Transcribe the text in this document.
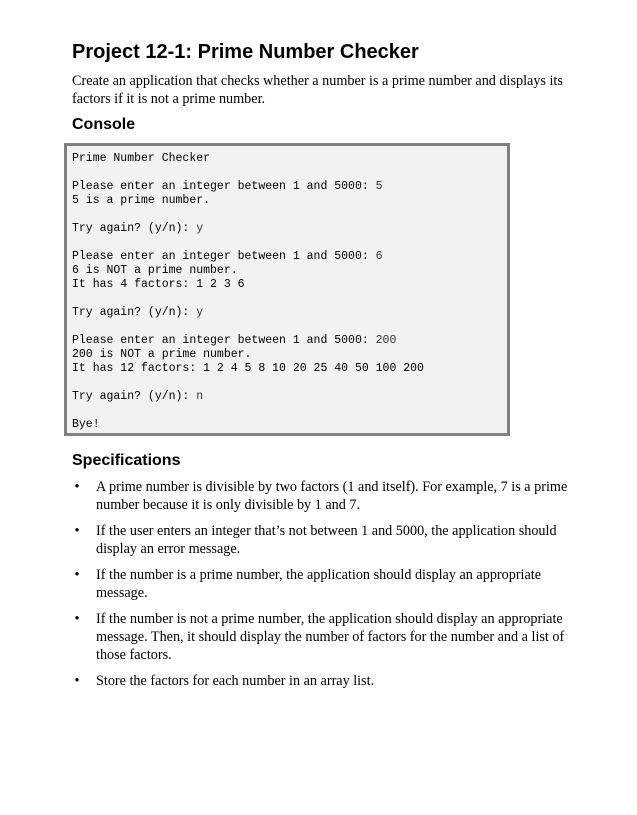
Project 12-1: Prime Number Checker

Create an application that checks whether a number is a prime number and displays its factors if it is not a prime number.

Console
Prime Number Checker

Please enter an integer between 1 and 5000: 5
5 is a prime number.

Try again? (y/n): y

Please enter an integer between 1 and 5000: 6
6 is NOT a prime number.
It has 4 factors: 1 2 3 6

Try again? (y/n): y

Please enter an integer between 1 and 5000: 200
200 is NOT a prime number.
It has 12 factors: 1 2 4 5 8 10 20 25 40 50 100 200

Try again? (y/n): n

Bye!
Specifications
• A prime number is divisible by two factors (1 and itself). For example, 7 is a prime number because it is only divisible by 1 and 7.
• If the user enters an integer that’s not between 1 and 5000, the application should display an error message.
• If the number is a prime number, the application should display an appropriate message.
• If the number is not a prime number, the application should display an appropriate message. Then, it should display the number of factors for the number and a list of those factors.
• Store the factors for each number in an array list.
